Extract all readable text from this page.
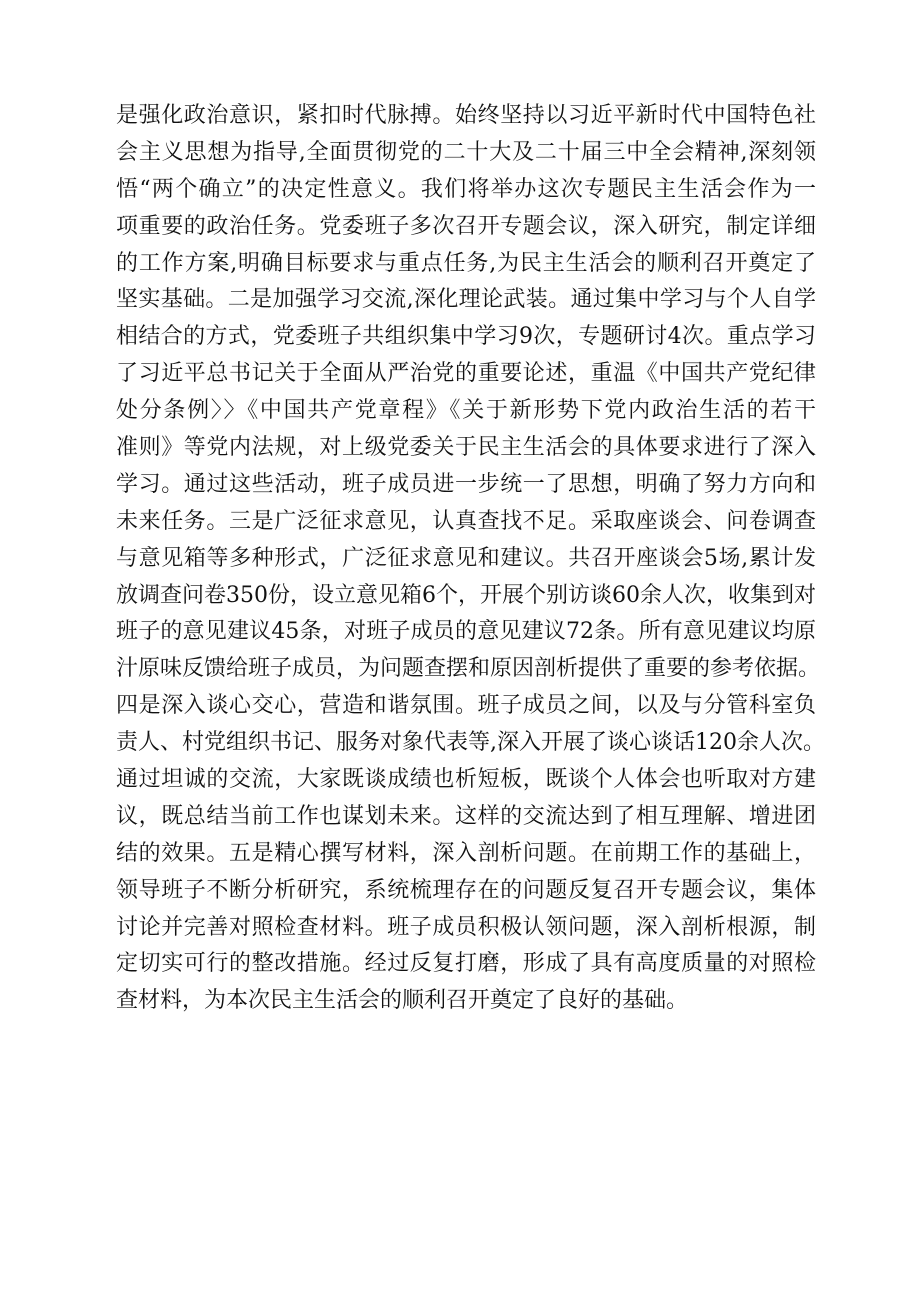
是强化政治意识，紧扣时代脉搏。始终坚持以习近平新时代中国特色社
会主义思想为指导,全面贯彻党的二十大及二十届三中全会精神,深刻领
悟“两个确立”的决定性意义。我们将举办这次专题民主生活会作为一
项重要的政治任务。党委班子多次召开专题会议，深入研究，制定详细
的工作方案,明确目标要求与重点任务,为民主生活会的顺利召开奠定了
坚实基础。二是加强学习交流,深化理论武装。通过集中学习与个人自学
相结合的方式，党委班子共组织集中学习9次，专题研讨4次。重点学习
了习近平总书记关于全面从严治党的重要论述，重温《中国共产党纪律
处分条例〉〉《中国共产党章程》《关于新形势下党内政治生活的若干
准则》等党内法规，对上级党委关于民主生活会的具体要求进行了深入
学习。通过这些活动，班子成员进一步统一了思想，明确了努力方向和
未来任务。三是广泛征求意见，认真查找不足。采取座谈会、问卷调查
与意见箱等多种形式，广泛征求意见和建议。共召开座谈会5场,累计发
放调查问卷350份，设立意见箱6个，开展个别访谈60余人次，收集到对
班子的意见建议45条，对班子成员的意见建议72条。所有意见建议均原
汁原味反馈给班子成员，为问题查摆和原因剖析提供了重要的参考依据。
四是深入谈心交心，营造和谐氛围。班子成员之间，以及与分管科室负
责人、村党组织书记、服务对象代表等,深入开展了谈心谈话120余人次。
通过坦诚的交流，大家既谈成绩也析短板，既谈个人体会也听取对方建
议，既总结当前工作也谋划未来。这样的交流达到了相互理解、增进团
结的效果。五是精心撰写材料，深入剖析问题。在前期工作的基础上，
领导班子不断分析研究，系统梳理存在的问题反复召开专题会议，集体
讨论并完善对照检查材料。班子成员积极认领问题，深入剖析根源，制
定切实可行的整改措施。经过反复打磨，形成了具有高度质量的对照检
查材料，为本次民主生活会的顺利召开奠定了良好的基础。
